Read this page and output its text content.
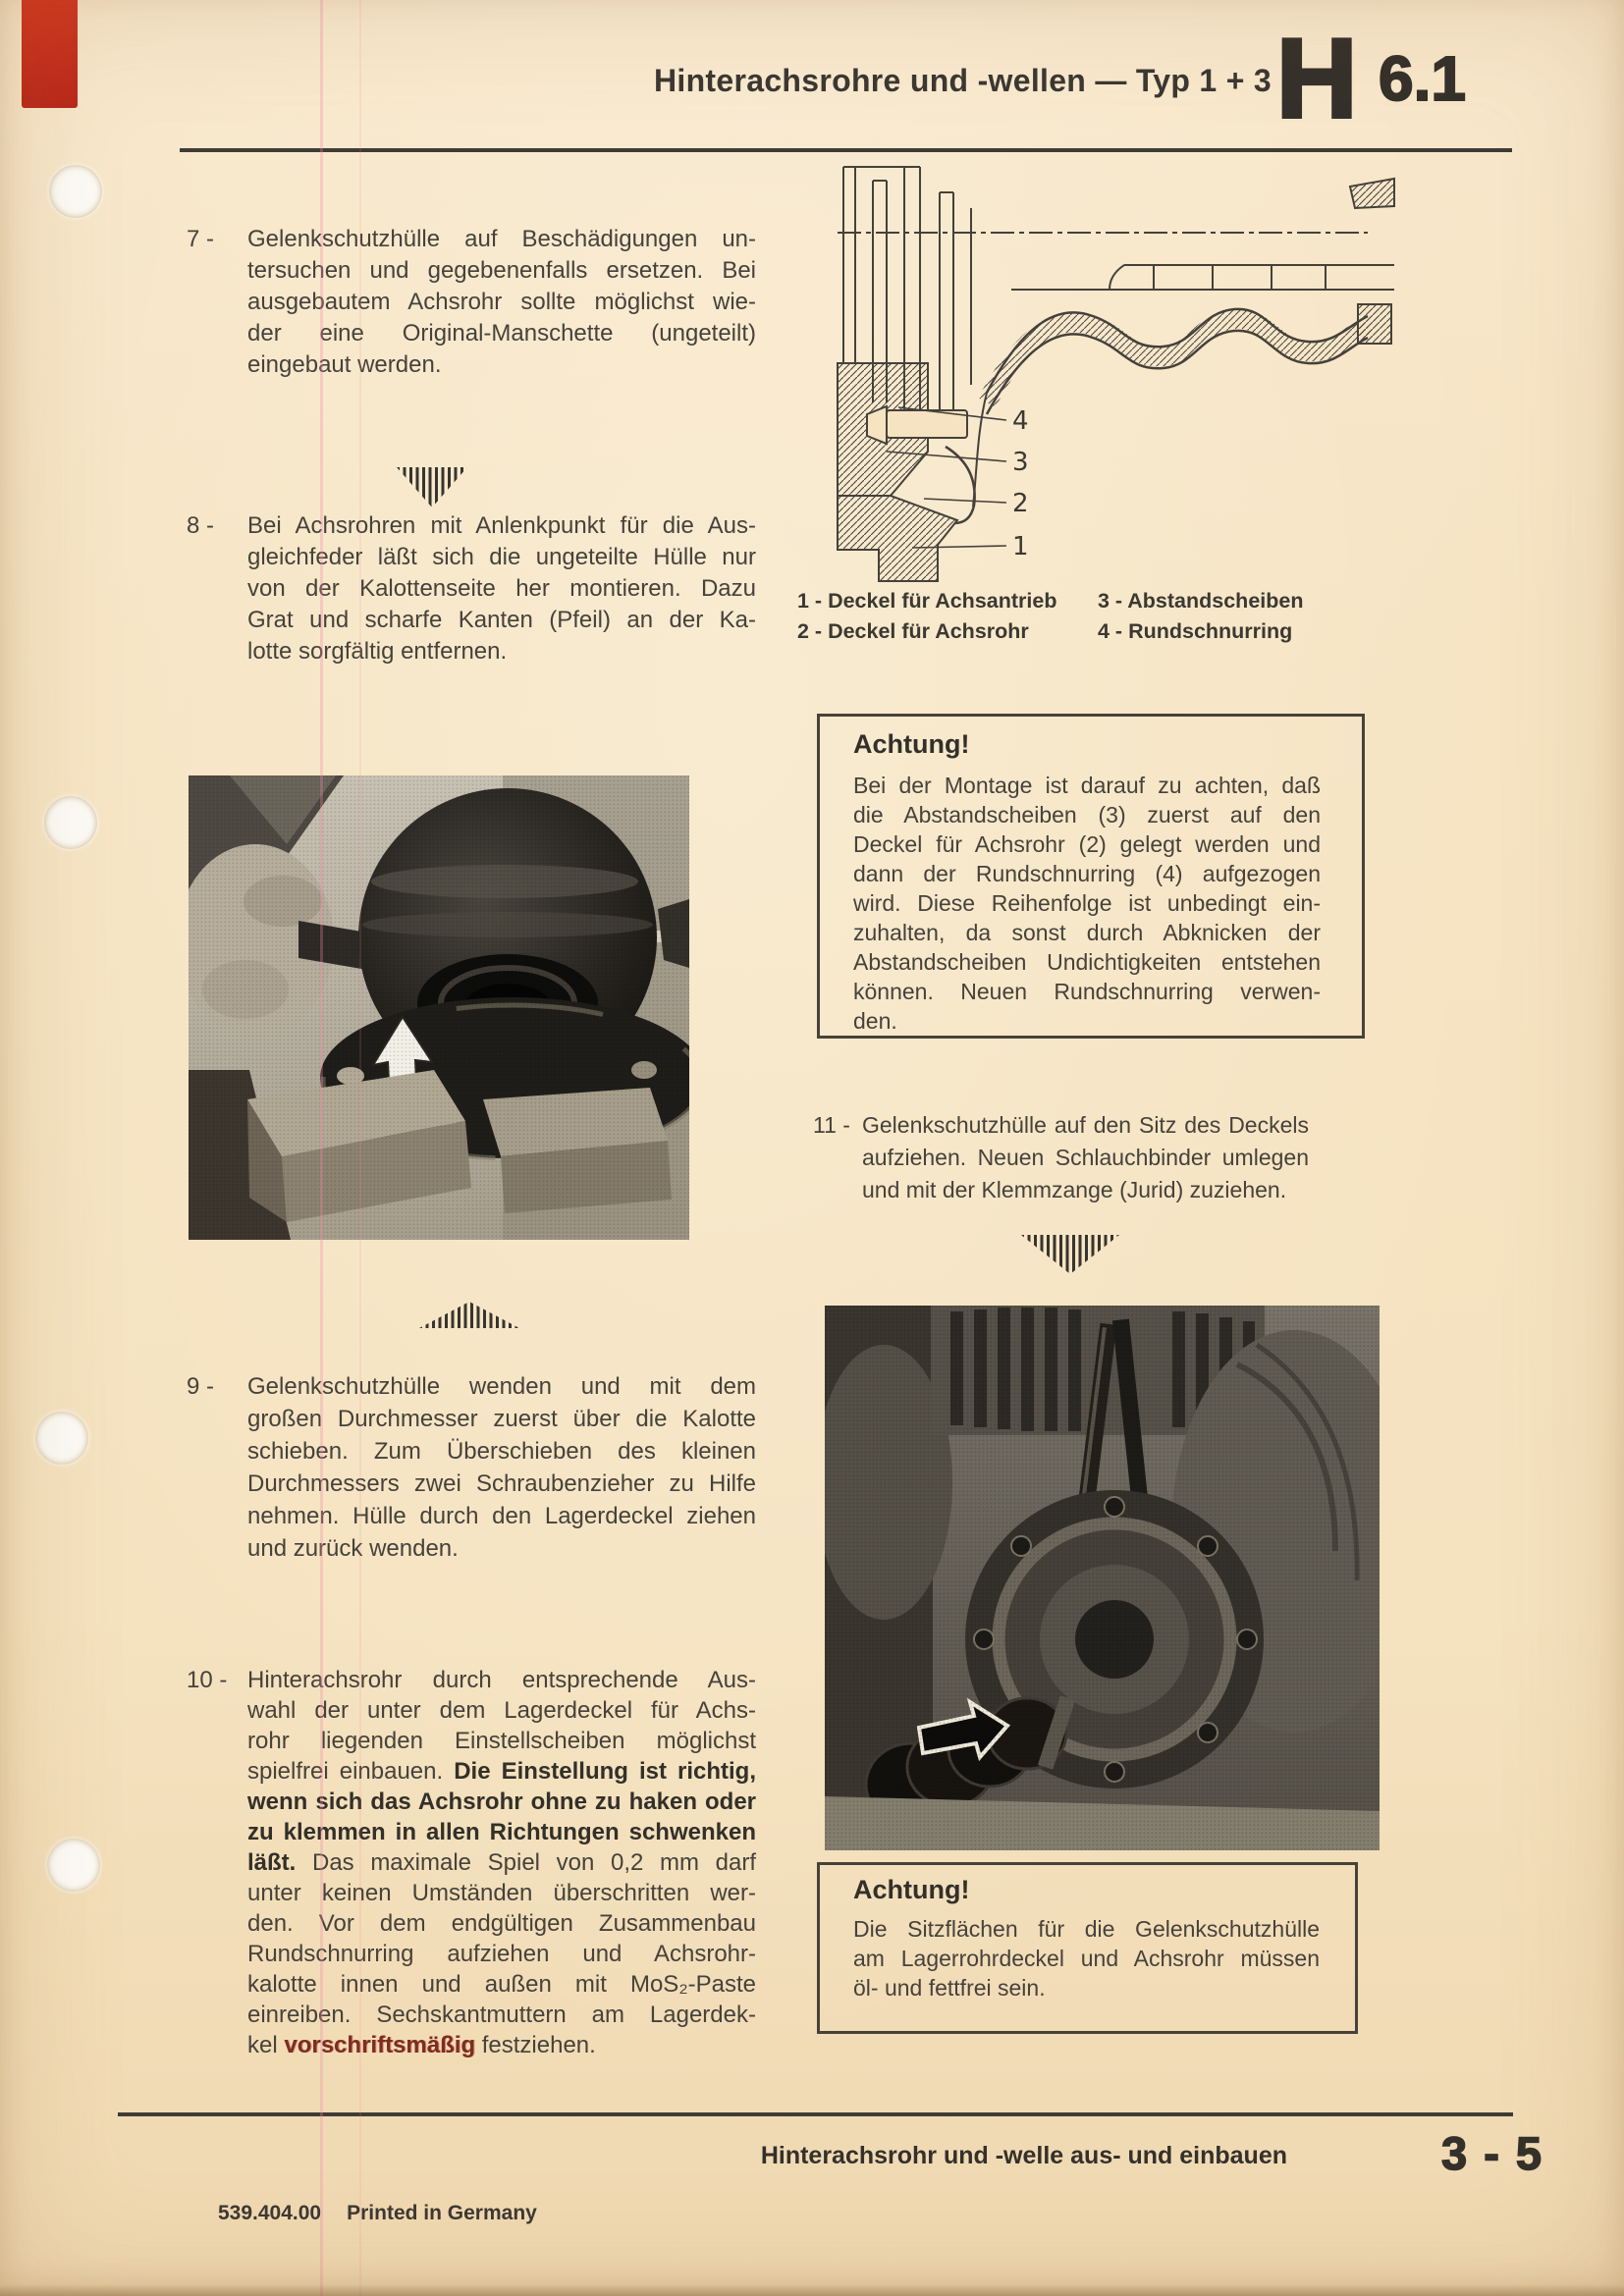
Hinterachsrohre und -wellen — Typ 1 + 3 H 6.1
7 -	Gelenkschutzhülle auf Beschädigungen un-
tersuchen und gegebenenfalls ersetzen. Bei
ausgebautem Achsrohr sollte möglichst wie-
der eine Original-Manschette (ungeteilt)
eingebaut werden.
4
3
2
1
8 -	Bei Achsrohren mit Anlenkpunkt für die Aus-
gleichfeder läßt sich die ungeteilte Hülle nur
von der Kalottenseite her montieren. Dazu
Grat und scharfe Kanten (Pfeil) an der Ka-
lotte sorgfältig entfernen.
1 - Deckel für Achsantrieb
2 - Deckel für Achsrohr
3 - Abstandscheiben
4 - Rundschnurring
Achtung!
Bei der Montage ist darauf zu achten, daß
die Abstandscheiben (3) zuerst auf den
Deckel für Achsrohr (2) gelegt werden und
dann der Rundschnurring (4) aufgezogen
wird. Diese Reihenfolge ist unbedingt ein-
zuhalten, da sonst durch Abknicken der
Abstandscheiben Undichtigkeiten entstehen
können. Neuen Rundschnurring verwen-
den.
11 - Gelenkschutzhülle auf den Sitz des Deckels
aufziehen. Neuen Schlauchbinder umlegen
und mit der Klemmzange (Jurid) zuziehen.
9 -	Gelenkschutzhülle wenden und mit dem
großen Durchmesser zuerst über die Kalotte
schieben. Zum Überschieben des kleinen
Durchmessers zwei Schraubenzieher zu Hilfe
nehmen. Hülle durch den Lagerdeckel ziehen
und zurück wenden.
10 - Hinterachsrohr durch entsprechende Aus-
wahl der unter dem Lagerdeckel für Achs-
rohr liegenden Einstellscheiben möglichst
spielfrei einbauen. Die Einstellung ist richtig,
wenn sich das Achsrohr ohne zu haken oder
zu klemmen in allen Richtungen schwenken
läßt. Das maximale Spiel von 0,2 mm darf
unter keinen Umständen überschritten wer-
den. Vor dem endgültigen Zusammenbau
Rundschnurring aufziehen und Achsrohr-
kalotte innen und außen mit MoS₂-Paste
einreiben. Sechskantmuttern am Lagerdek-
kel vorschriftsmäßig festziehen.
Achtung!
Die Sitzflächen für die Gelenkschutzhülle
am Lagerrohrdeckel und Achsrohr müssen
öl- und fettfrei sein.
539.404.00 Printed in Germany
Hinterachsrohr und -welle aus- und einbauen	3 - 5
